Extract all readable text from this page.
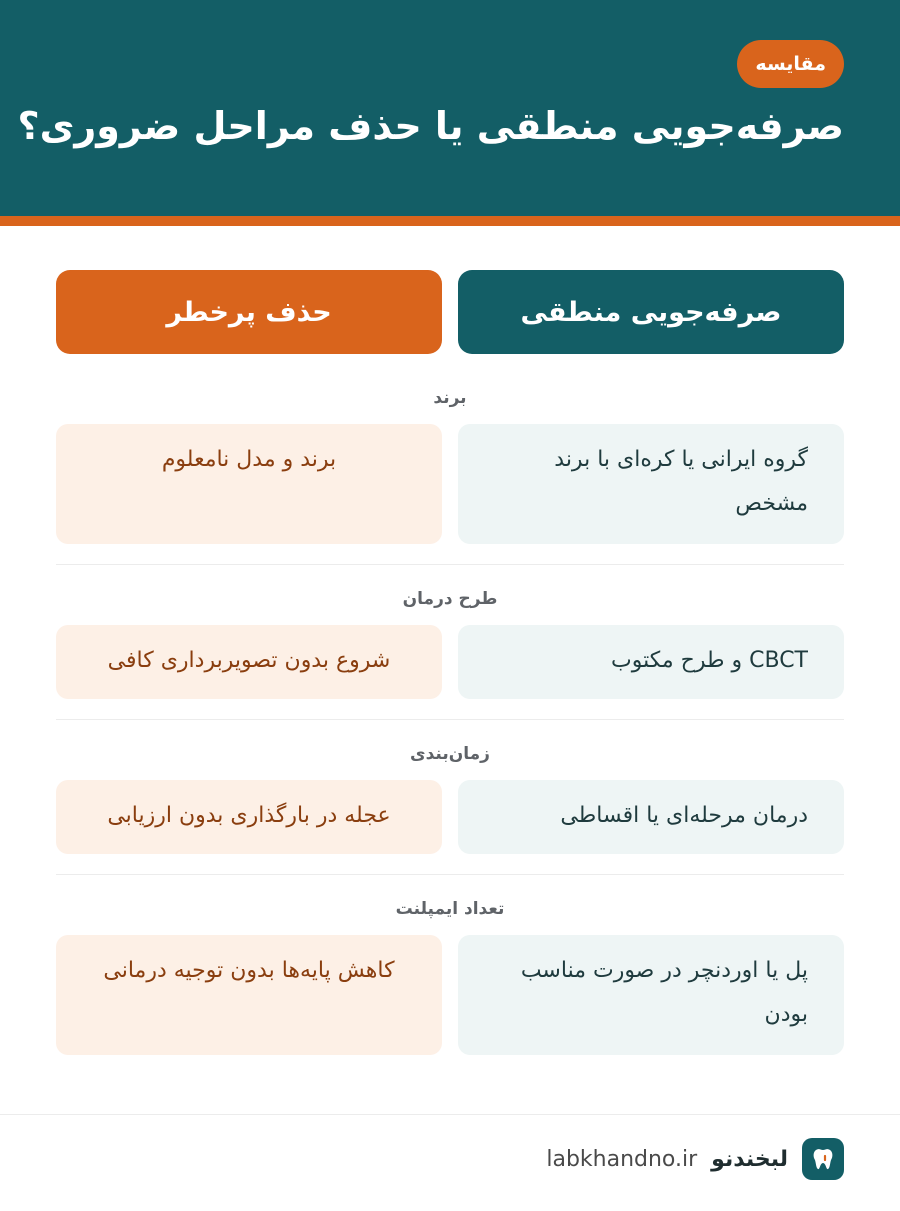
مقایسه
صرفه‌جویی منطقی یا حذف مراحل ضروری؟
حذف پرخطر	صرفه‌جویی منطقی
برند
برند و مدل نامعلوم	گروه ایرانی یا کره‌ای با برند مشخص
طرح درمان
شروع بدون تصویربرداری کافی	CBCT و طرح مکتوب
زمان‌بندی
عجله در بارگذاری بدون ارزیابی	درمان مرحله‌ای یا اقساطی
تعداد ایمپلنت
کاهش پایه‌ها بدون توجیه درمانی	پل یا اوردنچر در صورت مناسب بودن
لبخندنو
labkhandno.ir
